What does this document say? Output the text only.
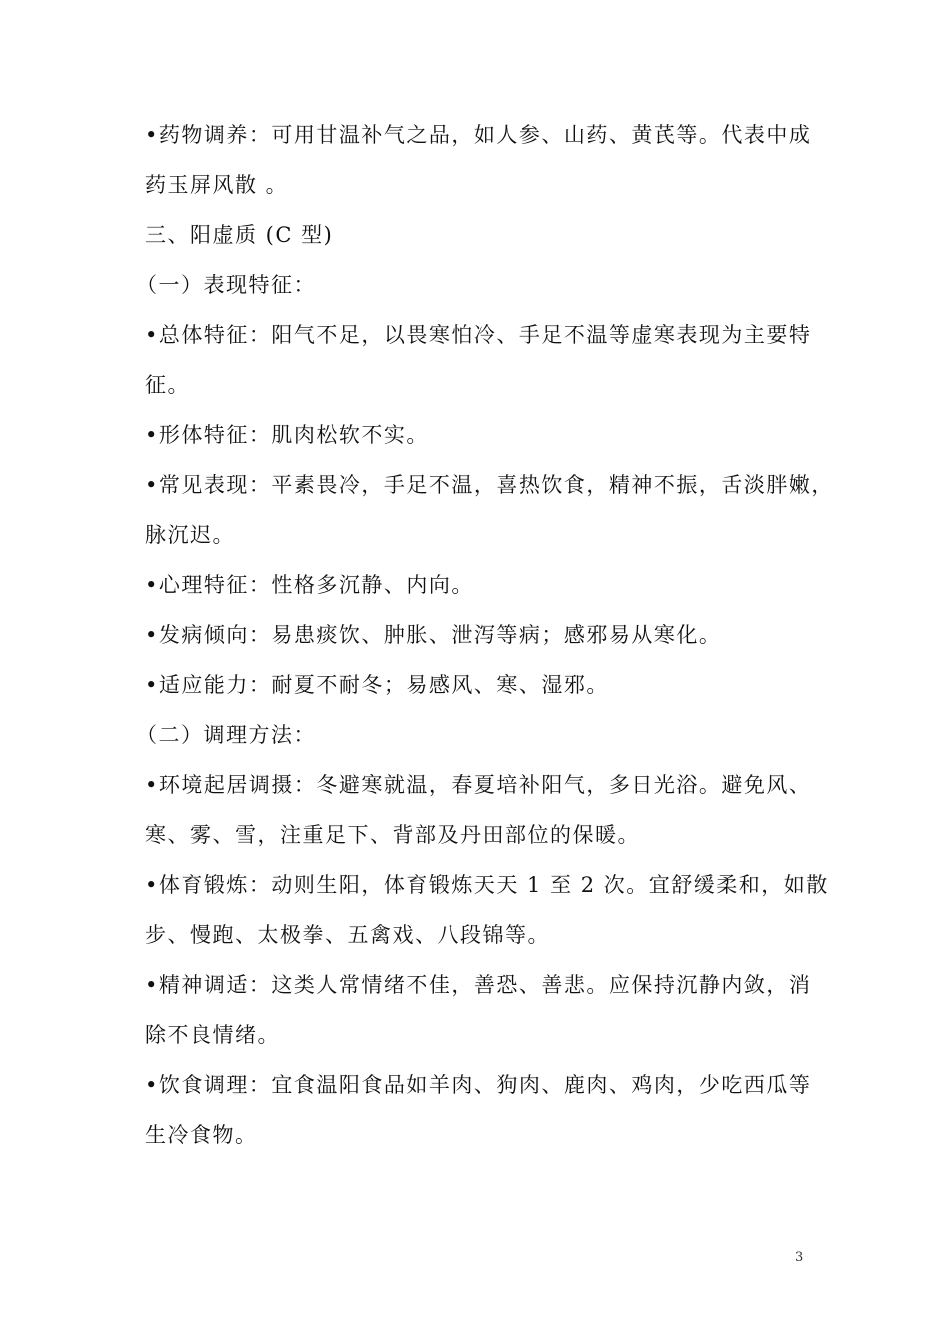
•药物调养：可用甘温补气之品，如人参、山药、黄芪等。代表中成
药玉屏风散 。
三、阳虚质 (C 型)
（一）表现特征：
•总体特征：阳气不足，以畏寒怕冷、手足不温等虚寒表现为主要特
征。
•形体特征：肌肉松软不实。
•常见表现：平素畏冷，手足不温，喜热饮食，精神不振，舌淡胖嫩，
脉沉迟。
•心理特征：性格多沉静、内向。
•发病倾向：易患痰饮、肿胀、泄泻等病；感邪易从寒化。
•适应能力：耐夏不耐冬；易感风、寒、湿邪。
（二）调理方法：
•环境起居调摄：冬避寒就温，春夏培补阳气，多日光浴。避免风、
寒、雾、雪，注重足下、背部及丹田部位的保暖。
•体育锻炼：动则生阳，体育锻炼天天 1 至 2 次。宜舒缓柔和，如散
步、慢跑、太极拳、五禽戏、八段锦等。
•精神调适：这类人常情绪不佳，善恐、善悲。应保持沉静内敛，消
除不良情绪。
•饮食调理：宜食温阳食品如羊肉、狗肉、鹿肉、鸡肉，少吃西瓜等
生冷食物。
3
